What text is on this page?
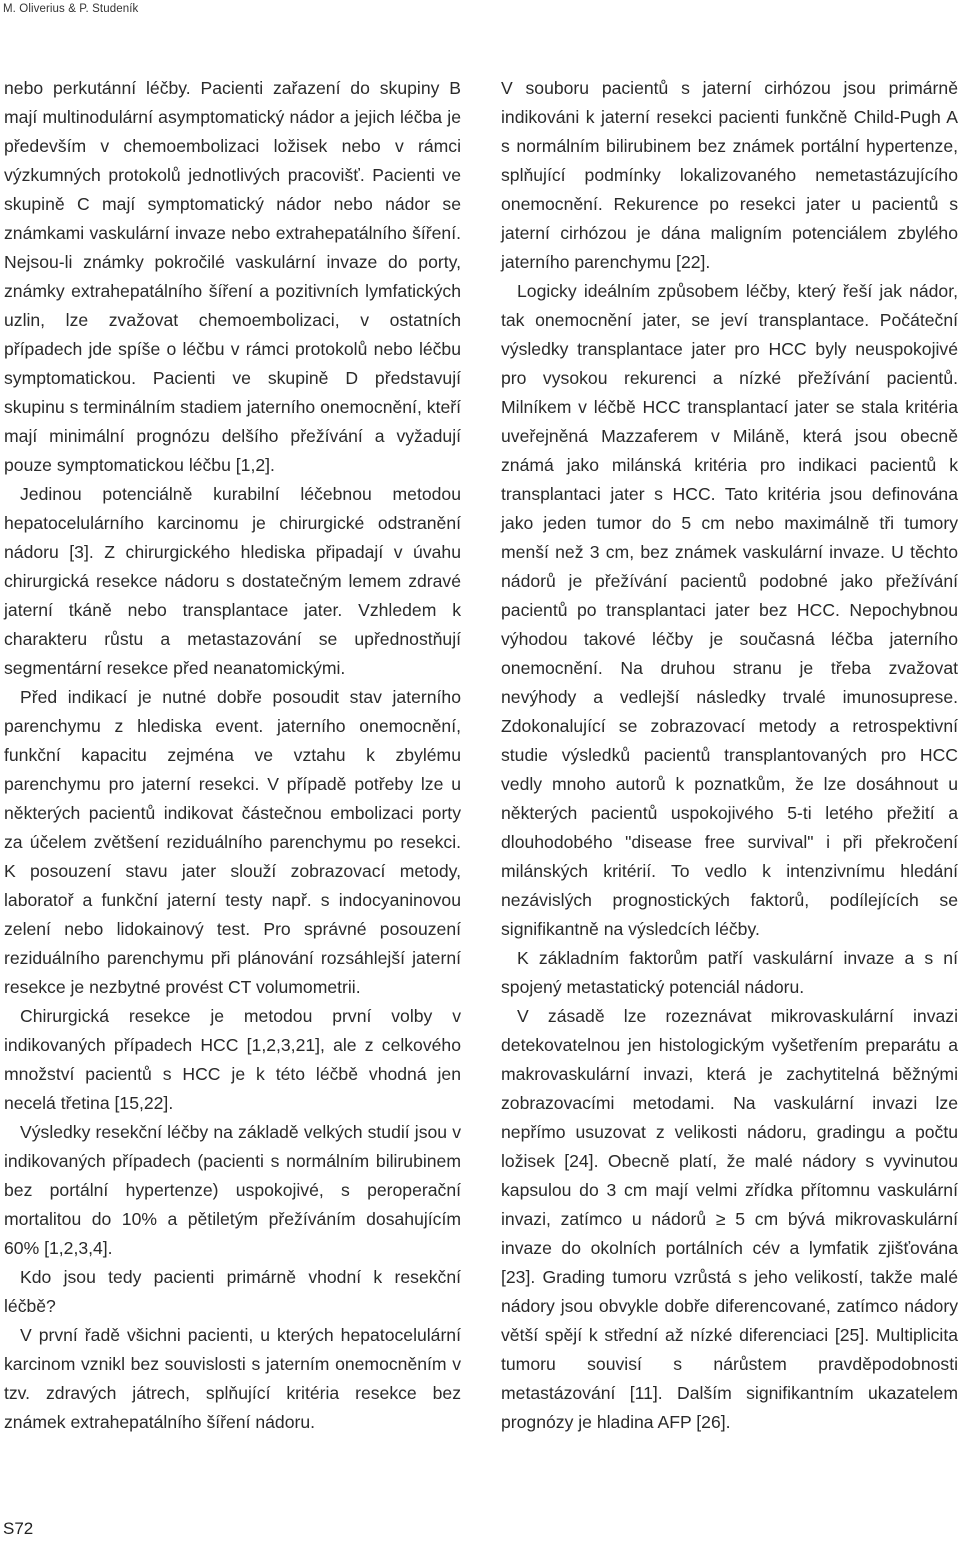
M. Oliverius & P. Studeník

nebo perkutánní léčby. Pacienti zařazení do skupiny B mají multinodulární asymptomatický nádor a jejich léčba je především v chemoembolizaci ložisek nebo v rámci výzkumných protokolů jednotlivých pracovišť. Pacienti ve skupině C mají symptomatický nádor nebo nádor se známkami vaskulární invaze nebo extrahepatálního šíření. Nejsou-li známky pokročilé vaskulární invaze do porty, známky extrahepatálního šíření a pozitivních lymfatických uzlin, lze zvažovat chemoembolizaci, v ostatních případech jde spíše o léčbu v rámci protokolů nebo léčbu symptomatickou. Pacienti ve skupině D představují skupinu s terminálním stadiem jaterního onemocnění, kteří mají minimální prognózu delšího přežívání a vyžadují pouze symptomatickou léčbu [1,2].

Jedinou potenciálně kurabilní léčebnou metodou hepatocelulárního karcinomu je chirurgické odstranění nádoru [3]. Z chirurgického hlediska připadají v úvahu chirurgická resekce nádoru s dostatečným lemem zdravé jaterní tkáně nebo transplantace jater. Vzhledem k charakteru růstu a metastazování se upřednostňují segmentární resekce před neanatomickými.

Před indikací je nutné dobře posoudit stav jaterního parenchymu z hlediska event. jaterního onemocnění, funkční kapacitu zejména ve vztahu k zbylému parenchymu pro jaterní resekci. V případě potřeby lze u některých pacientů indikovat částečnou embolizaci porty za účelem zvětšení reziduálního parenchymu po resekci. K posouzení stavu jater slouží zobrazovací metody, laboratoř a funkční jaterní testy např. s indocyaninovou zelení nebo lidokainový test. Pro správné posouzení reziduálního parenchymu při plánování rozsáhlejší jaterní resekce je nezbytné provést CT volumometrii.

Chirurgická resekce je metodou první volby v indikovaných případech HCC [1,2,3,21], ale z celkového množství pacientů s HCC je k této léčbě vhodná jen necelá třetina [15,22].

Výsledky resekční léčby na základě velkých studií jsou v indikovaných případech (pacienti s normálním bilirubinem bez portální hypertenze) uspokojivé, s peroperační mortalitou do 10% a pětiletým přežíváním dosahujícím 60% [1,2,3,4].

Kdo jsou tedy pacienti primárně vhodní k resekční léčbě?

V první řadě všichni pacienti, u kterých hepatocelulární karcinom vznikl bez souvislosti s jaterním onemocněním v tzv. zdravých játrech, splňující kritéria resekce bez známek extrahepatálního šíření nádoru.

V souboru pacientů s jaterní cirhózou jsou primárně indikováni k jaterní resekci pacienti funkčně Child-Pugh A s normálním bilirubinem bez známek portální hypertenze, splňující podmínky lokalizovaného nemetastázujícího onemocnění. Rekurence po resekci jater u pacientů s jaterní cirhózou je dána maligním potenciálem zbylého jaterního parenchymu [22].

Logicky ideálním způsobem léčby, který řeší jak nádor, tak onemocnění jater, se jeví transplantace. Počáteční výsledky transplantace jater pro HCC byly neuspokojivé pro vysokou rekurenci a nízké přežívání pacientů. Milníkem v léčbě HCC transplantací jater se stala kritéria uveřejněná Mazzaferem v Miláně, která jsou obecně známá jako milánská kritéria pro indikaci pacientů k transplantaci jater s HCC. Tato kritéria jsou definována jako jeden tumor do 5 cm nebo maximálně tři tumory menší než 3 cm, bez známek vaskulární invaze. U těchto nádorů je přežívání pacientů podobné jako přežívání pacientů po transplantaci jater bez HCC. Nepochybnou výhodou takové léčby je současná léčba jaterního onemocnění. Na druhou stranu je třeba zvažovat nevýhody a vedlejší následky trvalé imunosuprese. Zdokonalující se zobrazovací metody a retrospektivní studie výsledků pacientů transplantovaných pro HCC vedly mnoho autorů k poznatkům, že lze dosáhnout u některých pacientů uspokojivého 5-ti letého přežití a dlouhodobého "disease free survival" i při překročení milánských kritérií. To vedlo k intenzivnímu hledání nezávislých prognostických faktorů, podílejících se signifikantně na výsledcích léčby.

K základním faktorům patří vaskulární invaze a s ní spojený metastatický potenciál nádoru.

V zásadě lze rozeznávat mikrovaskulární invazi detekovatelnou jen histologickým vyšetřením preparátu a makrovaskulární invazi, která je zachytitelná běžnými zobrazovacími metodami. Na vaskulární invazi lze nepřímo usuzovat z velikosti nádoru, gradingu a počtu ložisek [24]. Obecně platí, že malé nádory s vyvinutou kapsulou do 3 cm mají velmi zřídka přítomnu vaskulární invazi, zatímco u nádorů ≥ 5 cm bývá mikrovaskulární invaze do okolních portálních cév a lymfatik zjišťována [23]. Grading tumoru vzrůstá s jeho velikostí, takže malé nádory jsou obvykle dobře diferencované, zatímco nádory větší spějí k střední až nízké diferenciaci [25]. Multiplicita tumoru souvisí s nárůstem pravděpodobnosti metastázování [11]. Dalším signifikantním ukazatelem prognózy je hladina AFP [26].

S72
